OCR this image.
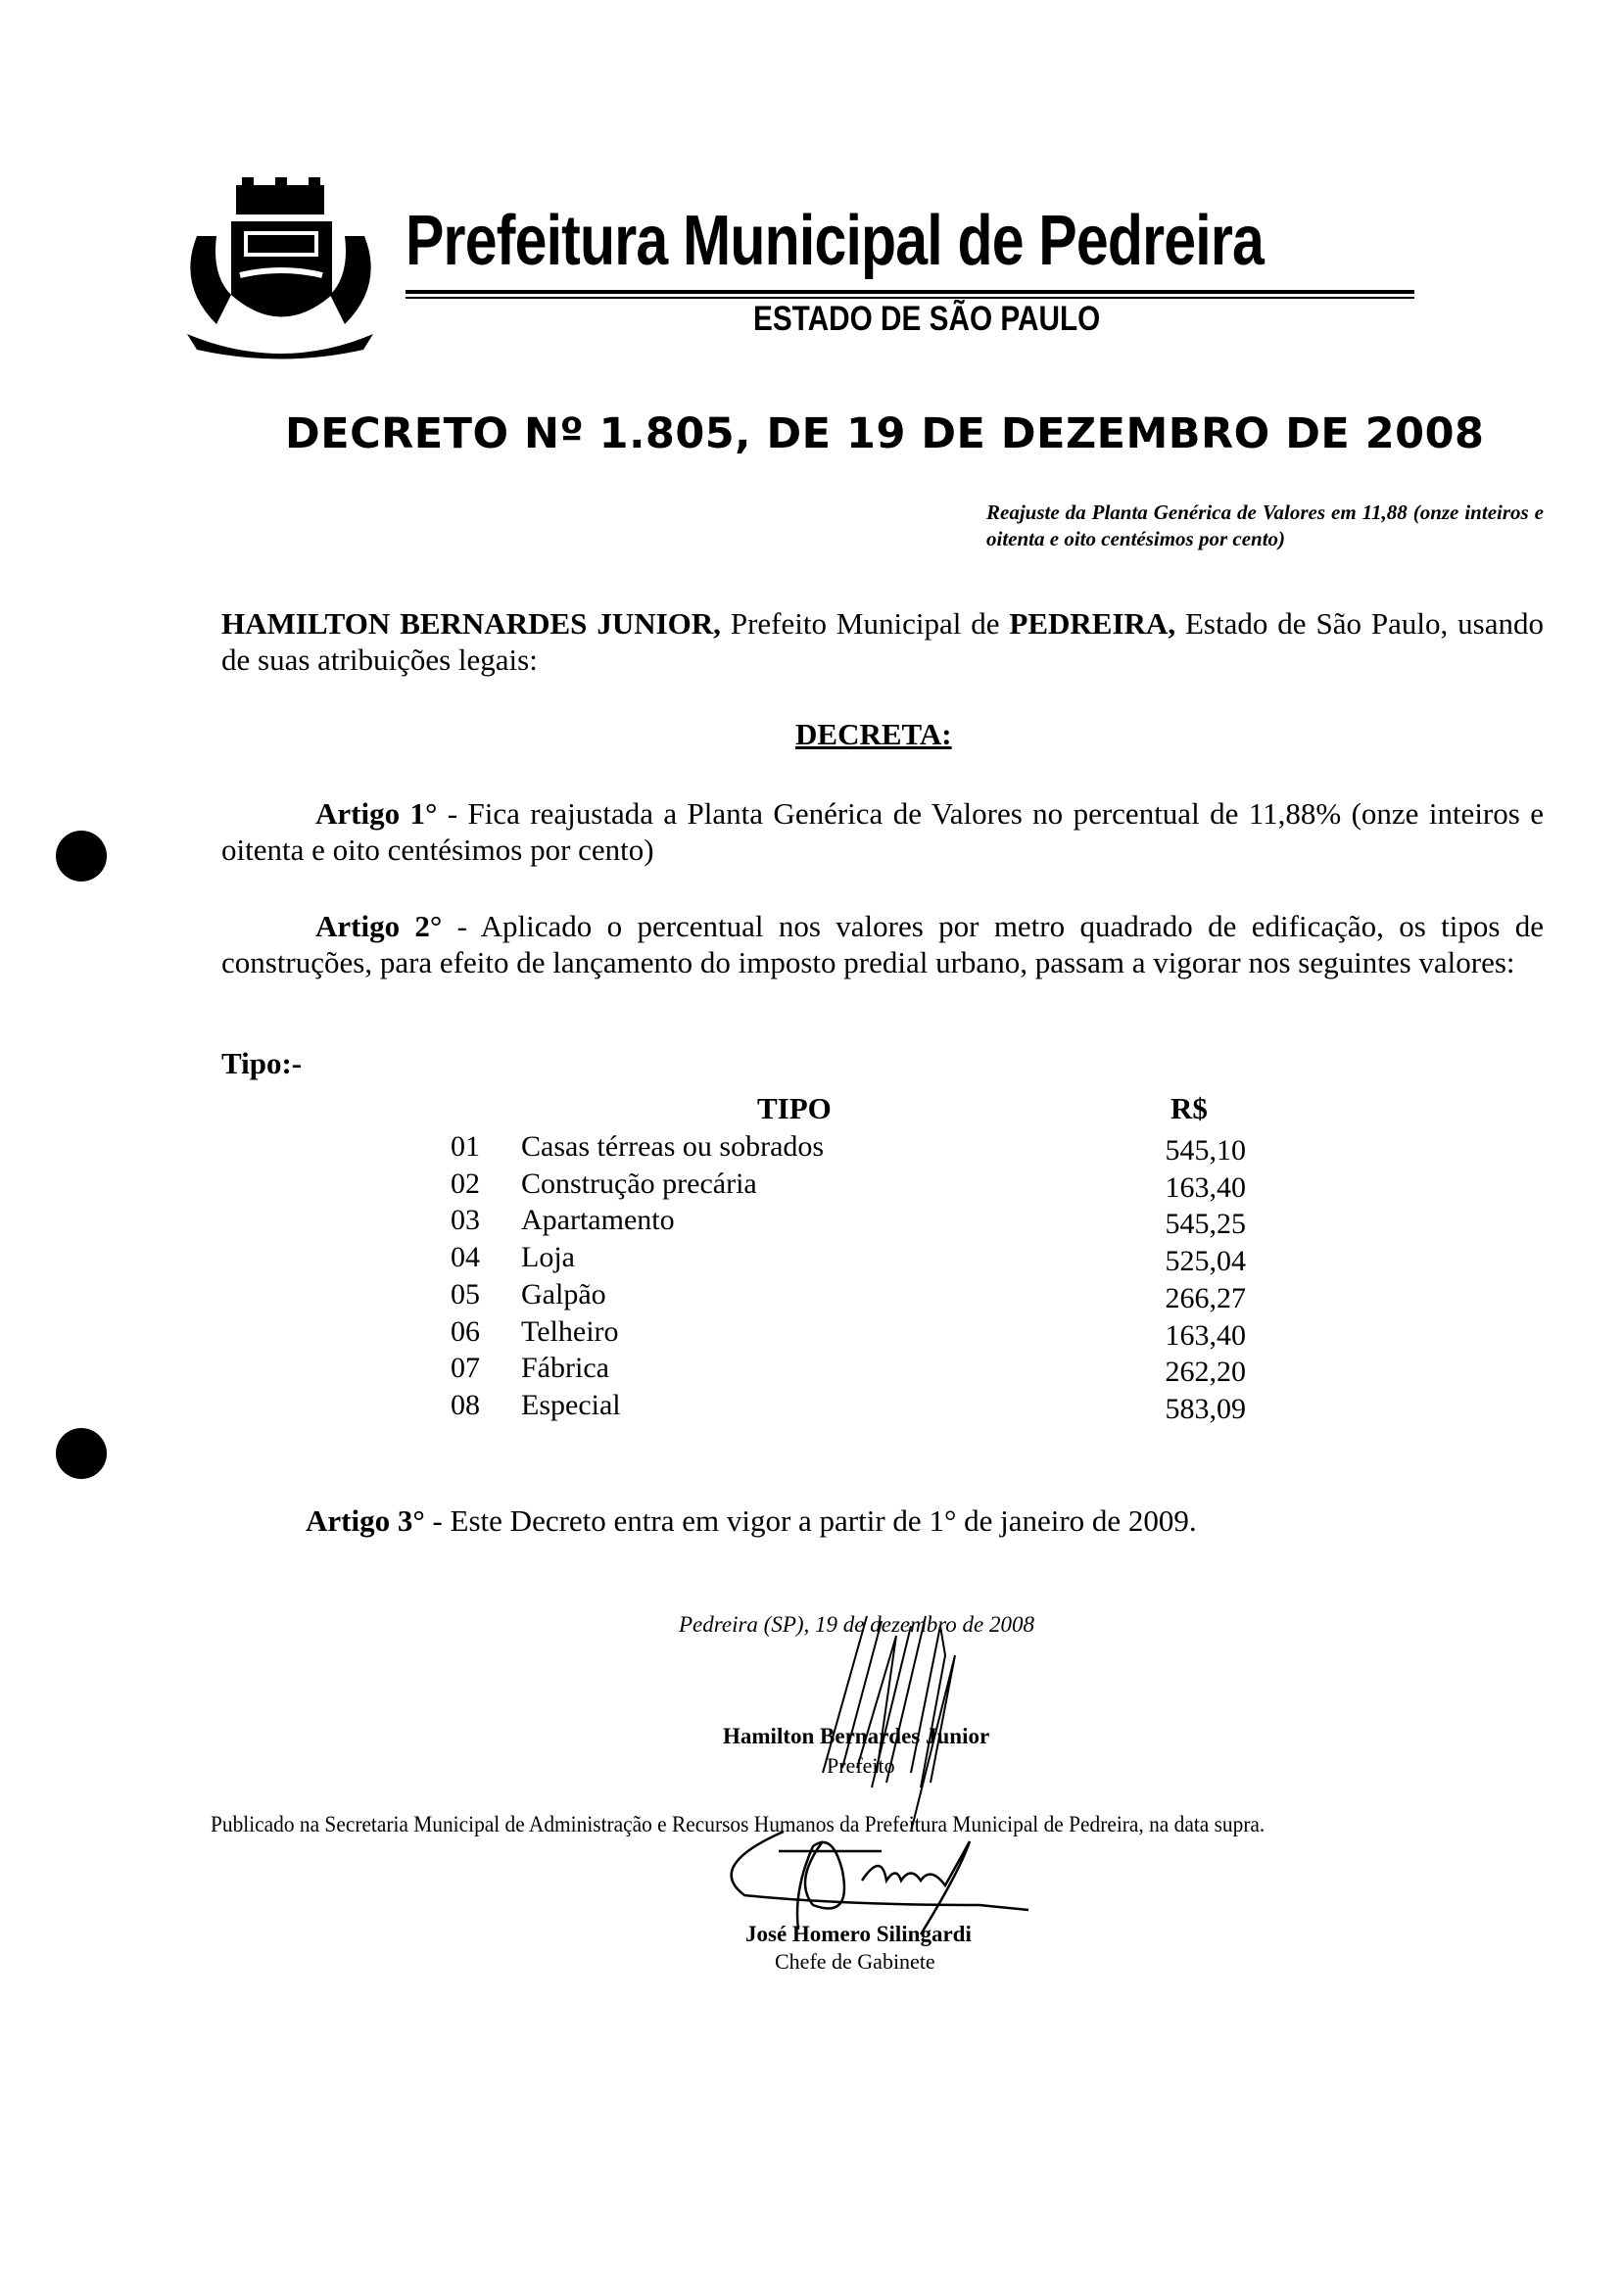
Prefeitura Municipal de Pedreira
ESTADO DE SÃO PAULO
DECRETO Nº 1.805, DE 19 DE DEZEMBRO DE 2008
Reajuste da Planta Genérica de Valores em 11,88 (onze inteiros e oitenta e oito centésimos por cento)
HAMILTON BERNARDES JUNIOR, Prefeito Municipal de PEDREIRA, Estado de São Paulo, usando de suas atribuições legais:
DECRETA:
Artigo 1° - Fica reajustada a Planta Genérica de Valores no percentual de 11,88% (onze inteiros e oitenta e oito centésimos por cento)
Artigo 2° - Aplicado o percentual nos valores por metro quadrado de edificação, os tipos de construções, para efeito de lançamento do imposto predial urbano, passam a vigorar nos seguintes valores:
Tipo:-
TIPO	R$
01 Casas térreas ou sobrados	545,10
02 Construção precária	163,40
03 Apartamento	545,25
04 Loja	525,04
05 Galpão	266,27
06 Telheiro	163,40
07 Fábrica	262,20
08 Especial	583,09
Artigo 3° - Este Decreto entra em vigor a partir de 1° de janeiro de 2009.
Pedreira (SP), 19 de dezembro de 2008
Hamilton Bernardes Junior
Prefeito
Publicado na Secretaria Municipal de Administração e Recursos Humanos da Prefeitura Municipal de Pedreira, na data supra.
José Homero Silingardi
Chefe de Gabinete
